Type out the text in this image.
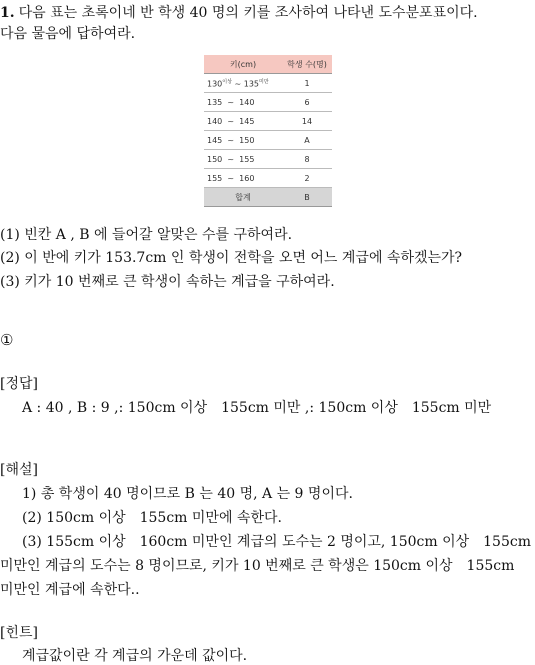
1. 다음 표는 초록이네 반 학생 40 명의 키를 조사하여 나타낸 도수분포표이다.
다음 물음에 답하여라.
키(cm)	학생 수(명)
$130^{이상}$ ~ $135^{미만}$	1
135 ~ 140	6
140 ~ 145	14
145 ~ 150	A
150 ~ 155	8
155 ~ 160	2
합계	B
(1) 빈칸 A , B 에 들어갈 알맞은 수를 구하여라.
(2) 이 반에 키가 153.7cm 인 학생이 전학을 오면 어느 계급에 속하겠는가?
(3) 키가 10 번째로 큰 학생이 속하는 계급을 구하여라.
①
[정답]
A : 40 , B : 9 ,: 150cm 이상　155cm 미만 ,: 150cm 이상　155cm 미만
[해설]
1) 총 학생이 40 명이므로 B 는 40 명, A 는 9 명이다.
(2) 150cm 이상　155cm 미만에 속한다.
(3) 155cm 이상　160cm 미만인 계급의 도수는 2 명이고, 150cm 이상　155cm
미만인 계급의 도수는 8 명이므로, 키가 10 번째로 큰 학생은 150cm 이상　155cm
미만인 계급에 속한다..
[힌트]
계급값이란 각 계급의 가운데 값이다.
